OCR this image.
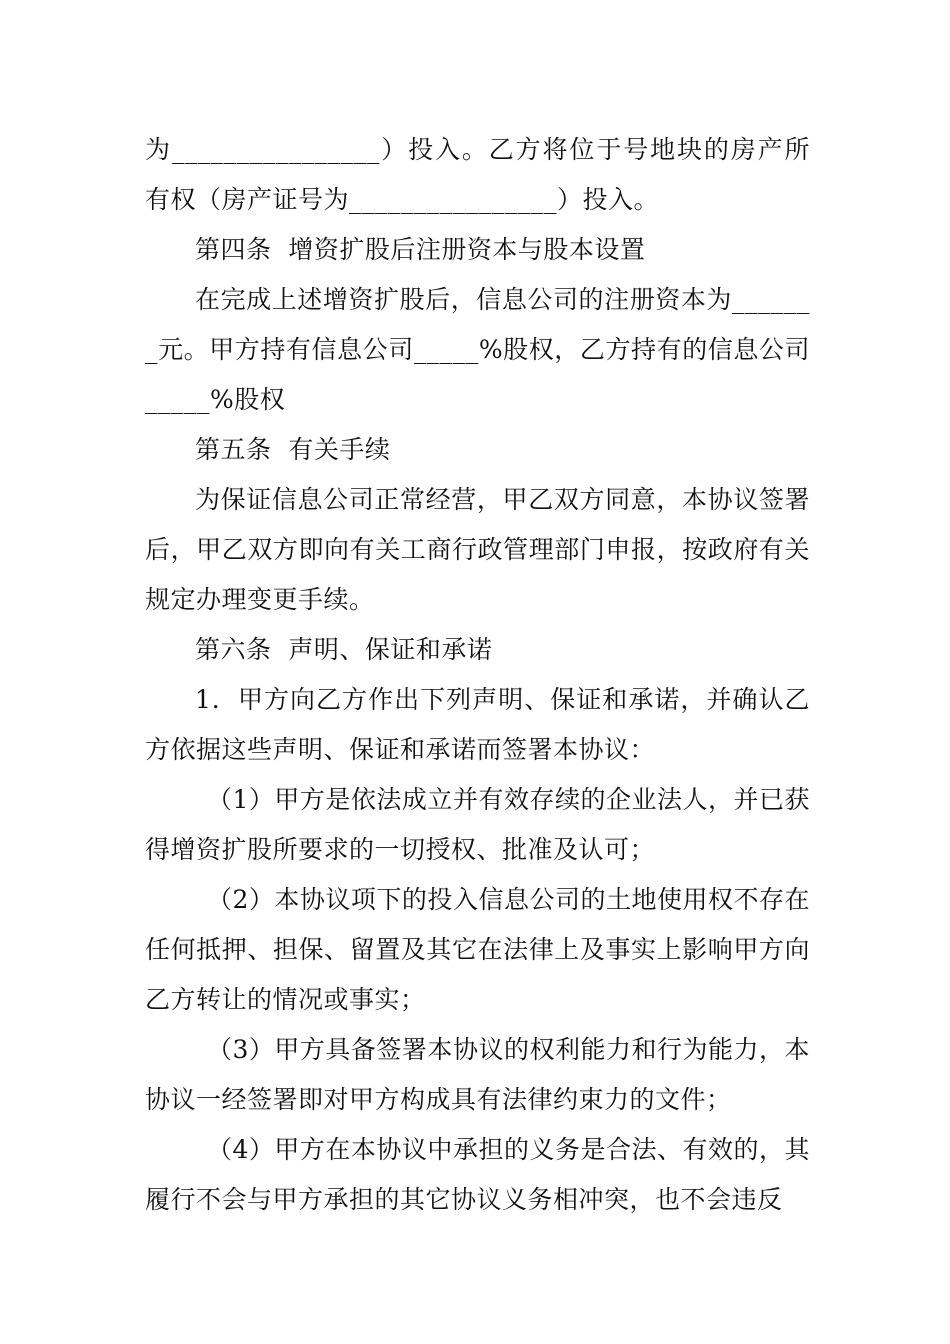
为________________）投入。乙方将位于号地块的房产所有权（房产证号为________________）投入。

第四条  增资扩股后注册资本与股本设置

在完成上述增资扩股后，信息公司的注册资本为_______元。甲方持有信息公司_____%股权，乙方持有的信息公司_____%股权

第五条  有关手续

为保证信息公司正常经营，甲乙双方同意，本协议签署后，甲乙双方即向有关工商行政管理部门申报，按政府有关规定办理变更手续。

第六条  声明、保证和承诺

1．甲方向乙方作出下列声明、保证和承诺，并确认乙方依据这些声明、保证和承诺而签署本协议：

（1）甲方是依法成立并有效存续的企业法人，并已获得增资扩股所要求的一切授权、批准及认可；

（2）本协议项下的投入信息公司的土地使用权不存在任何抵押、担保、留置及其它在法律上及事实上影响甲方向乙方转让的情况或事实；

（3）甲方具备签署本协议的权利能力和行为能力，本协议一经签署即对甲方构成具有法律约束力的文件；

（4）甲方在本协议中承担的义务是合法、有效的，其履行不会与甲方承担的其它协议义务相冲突，也不会违反
